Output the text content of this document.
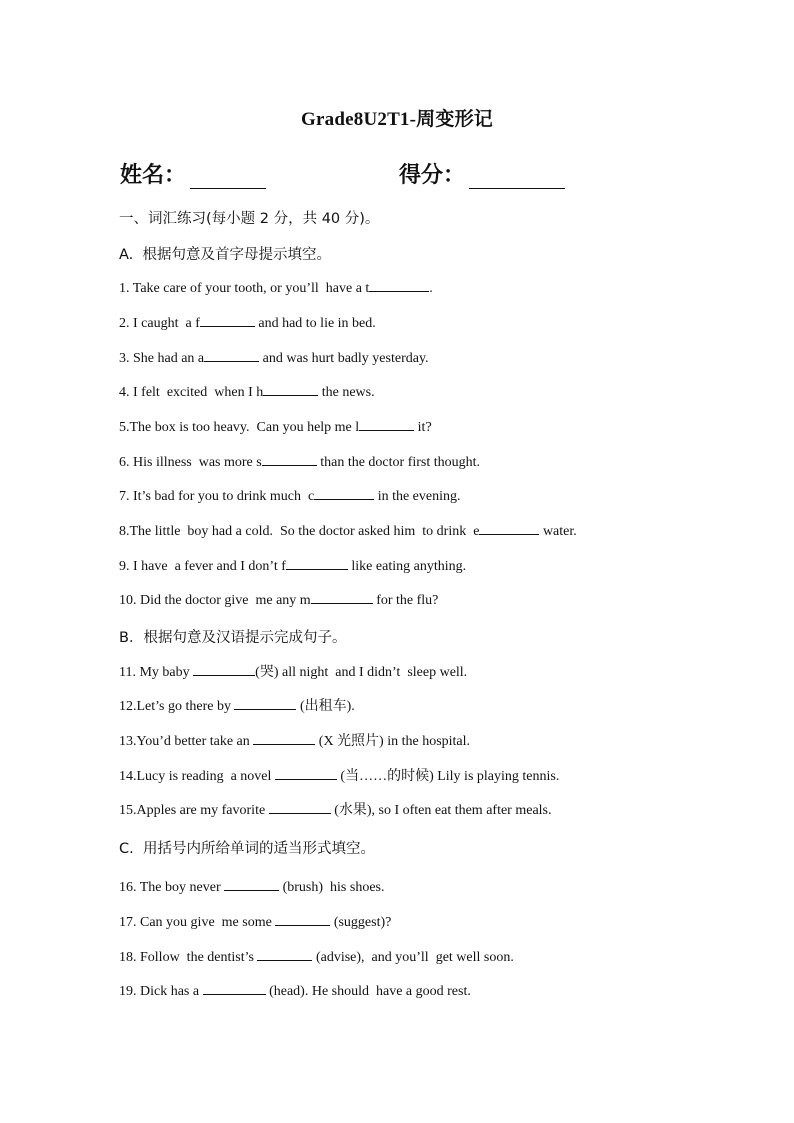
Grade8U2T1-周变形记
姓名：	得分：
一、词汇练习(每小题 2 分，共 40 分)。
A.  根据句意及首字母提示填空。
1. Take care of your tooth, or you’ll  have a t	.
2. I caught  a f	and had to lie in bed.
3. She had an a	and was hurt badly yesterday.
4. I felt  excited  when I h	the news.
5.The box is too heavy.  Can you help me l	it?
6. His illness  was more s	than the doctor first thought.
7. It’s bad for you to drink much  c	in the evening.
8.The little  boy had a cold.  So the doctor asked him  to drink  e	water.
9. I have  a fever and I don’t f	like eating anything.
10. Did the doctor give  me any m	for the flu?
B．根据句意及汉语提示完成句子。
11. My baby	(哭) all night  and I didn’t  sleep well.
12.Let’s go there by	(出租车).
13.You’d better take an	(X 光照片) in the hospital.
14.Lucy is reading  a novel	(当……的时候) Lily is playing tennis.
15.Apples are my favorite	(水果), so I often eat them after meals.
C.  用括号内所给单词的适当形式填空。
16. The boy never	(brush)  his shoes.
17. Can you give  me some	(suggest)?
18. Follow  the dentist’s	(advise),  and you’ll  get well soon.
19. Dick has a	(head). He should  have a good rest.
